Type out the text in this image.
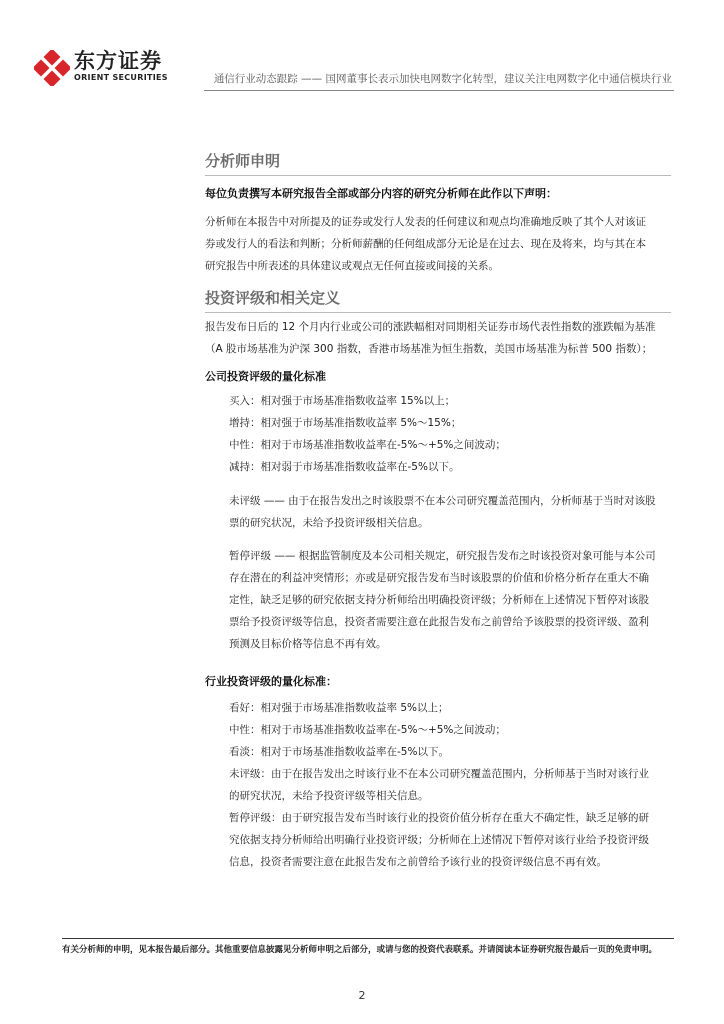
东方证券
ORIENT SECURITIES	通信行业动态跟踪 —— 国网董事长表示加快电网数字化转型，建议关注电网数字化中通信模块行业
分析师申明
每位负责撰写本研究报告全部或部分内容的研究分析师在此作以下声明：
分析师在本报告中对所提及的证券或发行人发表的任何建议和观点均准确地反映了其个人对该证
券或发行人的看法和判断；分析师薪酬的任何组成部分无论是在过去、现在及将来，均与其在本
研究报告中所表述的具体建议或观点无任何直接或间接的关系。
投资评级和相关定义
报告发布日后的 12 个月内行业或公司的涨跌幅相对同期相关证券市场代表性指数的涨跌幅为基准
（A 股市场基准为沪深 300 指数，香港市场基准为恒生指数，美国市场基准为标普 500 指数）；
公司投资评级的量化标准
买入：相对强于市场基准指数收益率 15%以上；
增持：相对强于市场基准指数收益率 5%～15%；
中性：相对于市场基准指数收益率在-5%～+5%之间波动；
减持：相对弱于市场基准指数收益率在-5%以下。
未评级 —— 由于在报告发出之时该股票不在本公司研究覆盖范围内，分析师基于当时对该股
票的研究状况，未给予投资评级相关信息。
暂停评级 —— 根据监管制度及本公司相关规定，研究报告发布之时该投资对象可能与本公司
存在潜在的利益冲突情形；亦或是研究报告发布当时该股票的价值和价格分析存在重大不确
定性，缺乏足够的研究依据支持分析师给出明确投资评级；分析师在上述情况下暂停对该股
票给予投资评级等信息，投资者需要注意在此报告发布之前曾给予该股票的投资评级、盈利
预测及目标价格等信息不再有效。
行业投资评级的量化标准：
看好：相对强于市场基准指数收益率 5%以上；
中性：相对于市场基准指数收益率在-5%～+5%之间波动；
看淡：相对于市场基准指数收益率在-5%以下。
未评级：由于在报告发出之时该行业不在本公司研究覆盖范围内，分析师基于当时对该行业
的研究状况，未给予投资评级等相关信息。
暂停评级：由于研究报告发布当时该行业的投资价值分析存在重大不确定性，缺乏足够的研
究依据支持分析师给出明确行业投资评级；分析师在上述情况下暂停对该行业给予投资评级
信息，投资者需要注意在此报告发布之前曾给予该行业的投资评级信息不再有效。
有关分析师的申明，见本报告最后部分。其他重要信息披露见分析师申明之后部分，或请与您的投资代表联系。并请阅读本证券研究报告最后一页的免责申明。
2
